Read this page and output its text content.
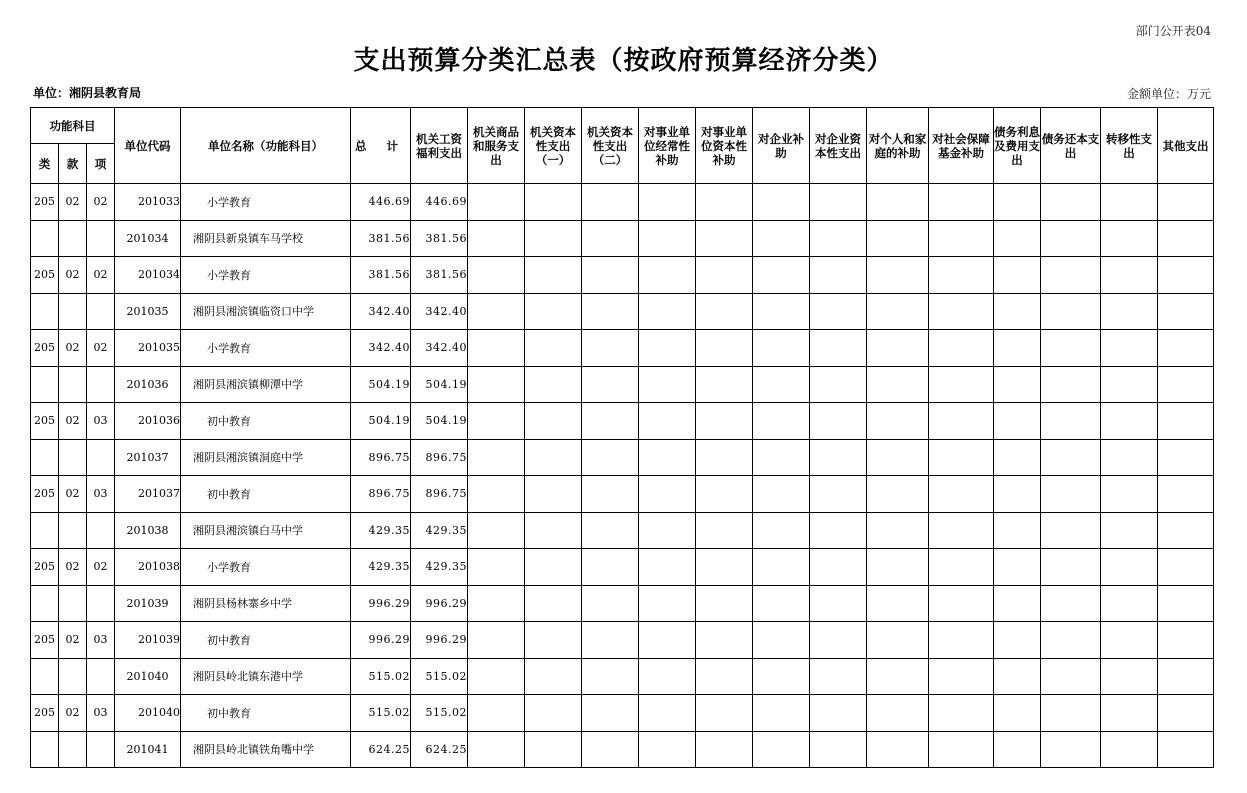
部门公开表04
支出预算分类汇总表（按政府预算经济分类）
单位：湘阴县教育局	金额单位：万元
功能科目			单位代码	单位名称（功能科目）	总 计	机关工资福利支出	机关商品和服务支出	机关资本性支出（一）	机关资本性支出（二）	对事业单位经常性补助	对事业单位资本性补助	对企业补助	对企业资本性支出	对个人和家庭的补助	对社会保障基金补助	债务利息及费用支出	债务还本支出	转移性支出	其他支出
类	款	项																	
205	02	02	201033	小学教育	446.69	446.69													
			201034	湘阴县新泉镇车马学校	381.56	381.56													
205	02	02	201034	小学教育	381.56	381.56													
			201035	湘阴县湘滨镇临资口中学	342.40	342.40													
205	02	02	201035	小学教育	342.40	342.40													
			201036	湘阴县湘滨镇柳潭中学	504.19	504.19													
205	02	03	201036	初中教育	504.19	504.19													
			201037	湘阴县湘滨镇洞庭中学	896.75	896.75													
205	02	03	201037	初中教育	896.75	896.75													
			201038	湘阴县湘滨镇白马中学	429.35	429.35													
205	02	02	201038	小学教育	429.35	429.35													
			201039	湘阴县杨林寨乡中学	996.29	996.29													
205	02	03	201039	初中教育	996.29	996.29													
			201040	湘阴县岭北镇东港中学	515.02	515.02													
205	02	03	201040	初中教育	515.02	515.02													
			201041	湘阴县岭北镇铁角嘴中学	624.25	624.25													
